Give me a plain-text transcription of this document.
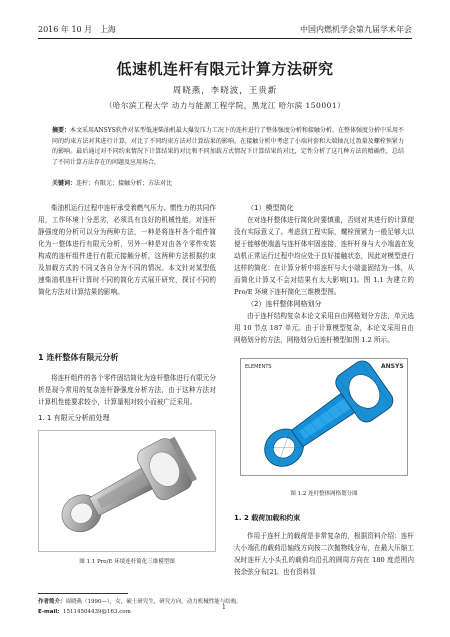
2016 年 10 月 上海	中国内燃机学会第九届学术年会
低速机连杆有限元计算方法研究
周晓燕，李晓波，王贵新
（哈尔滨工程大学 动力与能源工程学院，黑龙江 哈尔滨 150001）
摘要：本文采用ANSYS软件对某型低速柴油机最大爆发压力工况下的连杆进行了整体强度分析和接触分析。在整体强度分析中采用不同的约束方法对其进行计算，对比了不同约束方法对计算结果的影响。在接触分析中考虑了小端衬套和大端轴瓦过盈量及螺栓预紧力的影响。最后通过对不同约束情况下计算结果的对比和不同加载方式情况下计算结果的对比，定性分析了这几种方法的精确性，总结了不同计算方法存在的问题及应用场合。
关键词：连杆；有限元；接触分析；方法对比

柴油机运行过程中连杆承受着燃气压力、惯性力的共同作用，工作环境十分恶劣，必须具有良好的机械性能，对连杆静强度的分析可以分为两种方法，一种是将连杆各个组件简化为一整体进行有限元分析，另外一种是对由各个零件安装构成的连杆组件进行有限元接触分析，这两种方法根据约束及加载方式的不同又各自分为不同的情况。本文针对某型低速柴油机连杆计算时不同的简化方式展开研究，探讨不同的简化方法对计算结果的影响。

1 连杆整体有限元分析

将连杆组件的各个零件固结简化为连杆整体进行有限元分析是现今常用的复杂连杆静强度分析方法，由于这种方法对计算机性能要求较小，计算量相对较小而被广泛采用。

1. 1 有限元分析前处理
图 1.1 Pro/E 环境连杆简化三维模型图

（1）模型简化

在对连杆整体进行简化时要慎重，否则对其进行的计算便没有实际意义了。考虑到工程实际，螺栓预紧力一般足够大以便于能够使端盖与连杆体牢固连接，连杆杆身与大小端盖在发动机正常运行过程中均应处于良好接触状态，因此对模型进行这样的简化：在计算分析中将连杆与大小端盖固结为一体，从而简化计算又不会对结果有太大影响[1]。图 1.1 为建立的 Pro/E 环境下连杆简化三维模型图。

（2）连杆整体网格划分

由于连杆结构复杂本论文采用自由网格划分方法，单元选用 10 节点 187 单元。由于计算模型复杂，本论文采用自由网格划分的方法，网格划分后连杆模型如图 1.2 所示。

ELEMENTS	ANSYS
图 1.2 连杆整体网格划分图
1. 2 载荷加载和约束

作用于连杆上的载荷是非常复杂的，根据资料介绍：连杆大小端孔的载荷沿轴线方向按二次抛物线分布，在最大压缩工况时连杆大小头孔的载荷均沿孔的圆周方向在 180 度范围内按余弦分布[2]。也有资料显

作者简介：周晓燕（1990—），女，硕士研究生，研究方向，动力机械性能与结构。
E-mail: 15114504439@163.com
1
